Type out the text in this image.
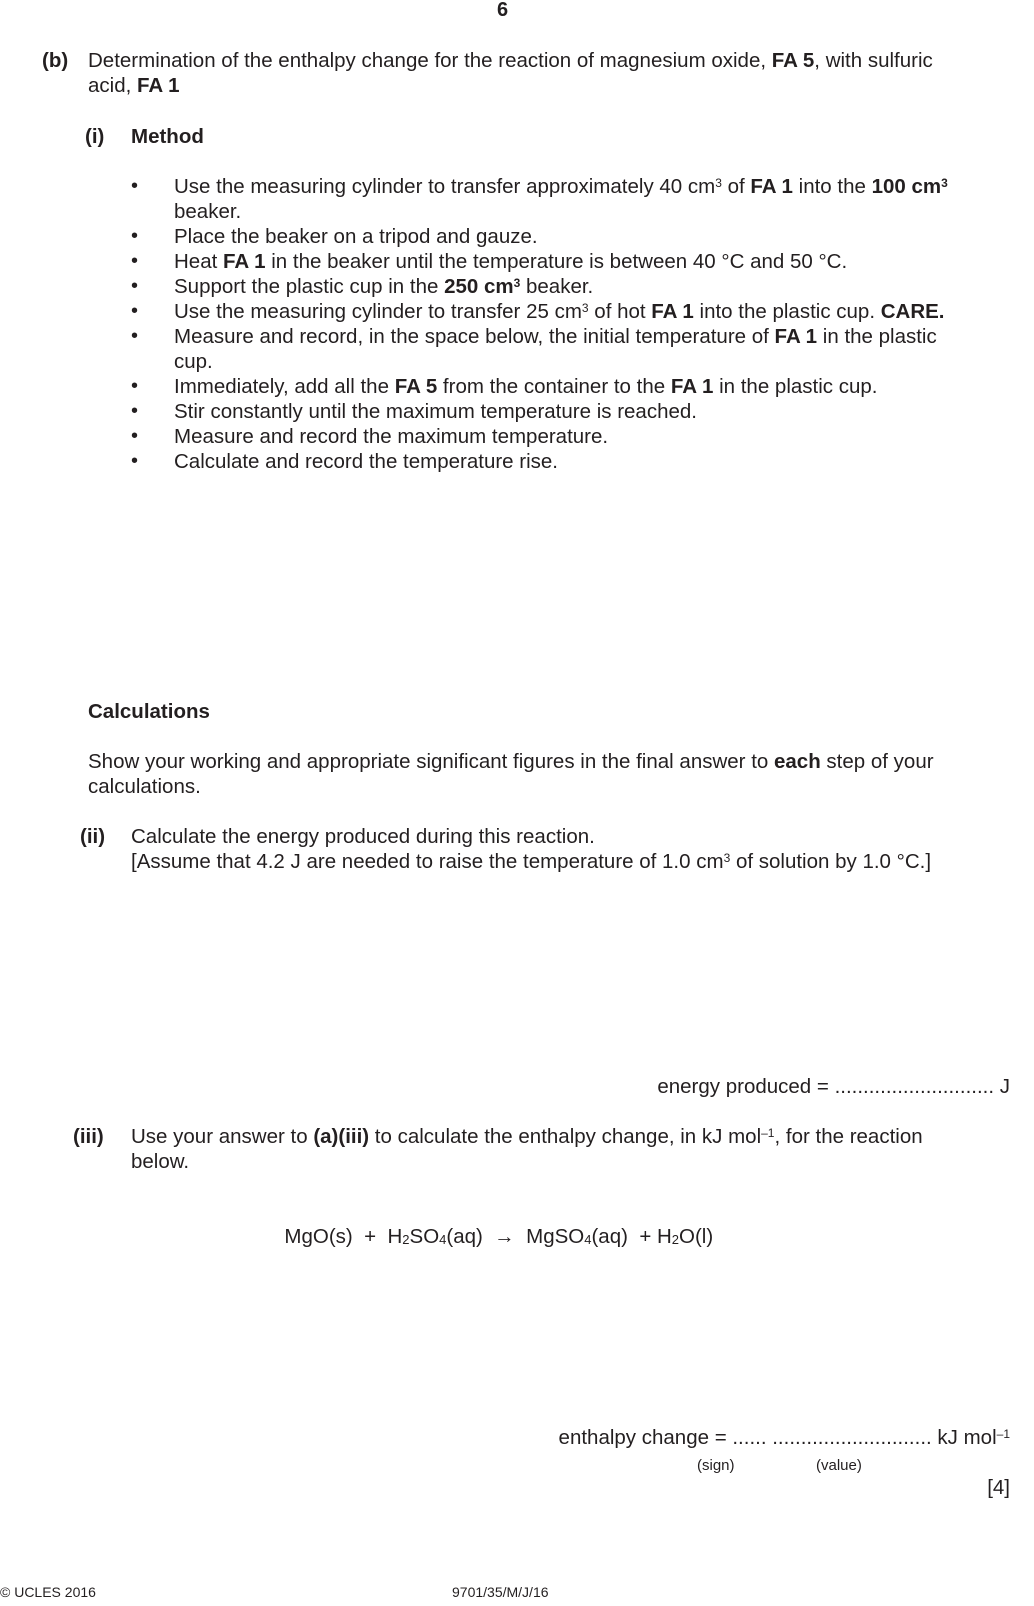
6
(b) Determination of the enthalpy change for the reaction of magnesium oxide, FA 5, with sulfuric
acid, FA 1
(i) Method
• Use the measuring cylinder to transfer approximately 40 $cm^3$ of FA 1 into the 100 $cm^3$
beaker.
• Place the beaker on a tripod and gauze.
• Heat FA 1 in the beaker until the temperature is between 40 °C and 50 °C.
• Support the plastic cup in the 250 $cm^3$ beaker.
• Use the measuring cylinder to transfer 25 $cm^3$ of hot FA 1 into the plastic cup. CARE.
• Measure and record, in the space below, the initial temperature of FA 1 in the plastic
cup.
• Immediately, add all the FA 5 from the container to the FA 1 in the plastic cup.
• Stir constantly until the maximum temperature is reached.
• Measure and record the maximum temperature.
• Calculate and record the temperature rise.
Calculations
Show your working and appropriate significant figures in the final answer to each step of your
calculations.
(ii) Calculate the energy produced during this reaction.
[Assume that 4.2 J are needed to raise the temperature of 1.0 $cm^3$ of solution by 1.0 °C.]
energy produced = ............................ J
(iii) Use your answer to (a)(iii) to calculate the enthalpy change, in kJ mol$^{-1}$, for the reaction
below.

$MgO(s) + H_2SO_4(aq)$  →  MgSO$_4$(aq)  + $H_2O(l)$

enthalpy change = ...... ............................ kJ mol$^{-1}$
(sign)	(value)
[4]
© UCLES 2016	9701/35/M/J/16
